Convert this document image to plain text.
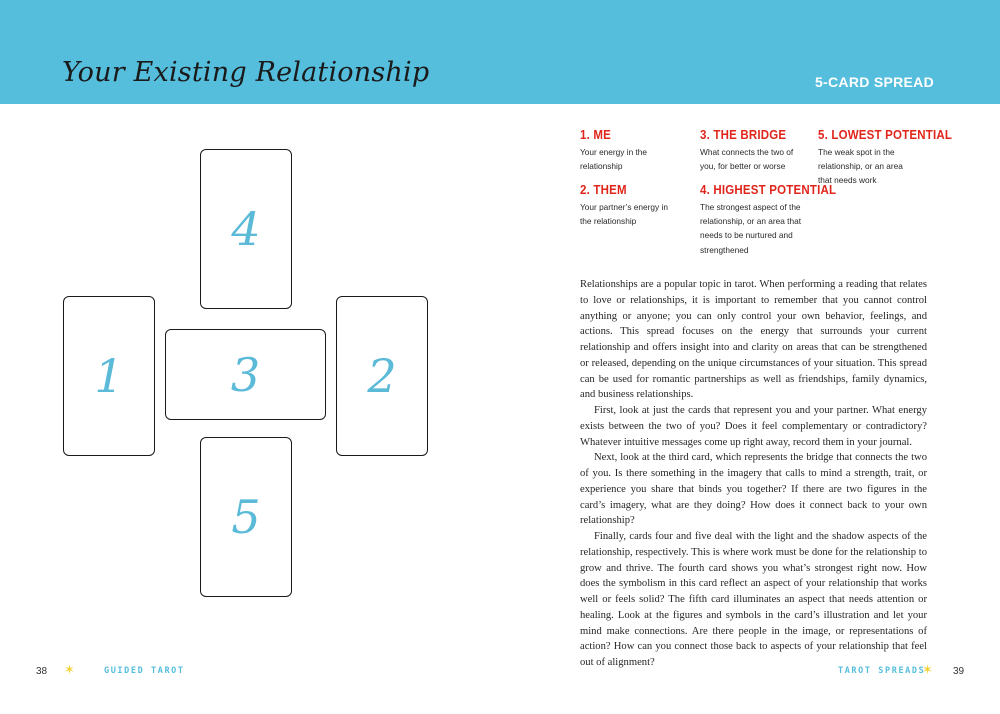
Your Existing Relationship	5-CARD SPREAD
4
1 3 2
5
1. ME
Your energy in the relationship
2. THEM
Your partner’s energy in the relationship
3. THE BRIDGE
What connects the two of you, for better or worse
4. HIGHEST POTENTIAL
The strongest aspect of the relationship, or an area that needs to be nurtured and strengthened
5. LOWEST POTENTIAL
The weak spot in the relationship, or an area that needs work

Relationships are a popular topic in tarot. When performing a reading that relates to love or relationships, it is important to remember that you cannot control anything or anyone; you can only control your own behavior, feelings, and actions. This spread focuses on the energy that surrounds your current relationship and offers insight into and clarity on areas that can be strengthened or released, depending on the unique circumstances of your situation. This spread can be used for romantic partnerships as well as friendships, family dynamics, and business relationships.

First, look at just the cards that represent you and your partner. What energy exists between the two of you? Does it feel complementary or contradictory? Whatever intuitive messages come up right away, record them in your journal.

Next, look at the third card, which represents the bridge that connects the two of you. Is there something in the imagery that calls to mind a strength, trait, or experience you share that binds you together? If there are two figures in the card’s imagery, what are they doing? How does it connect back to your own relationship?

Finally, cards four and five deal with the light and the shadow aspects of the relationship, respectively. This is where work must be done for the relationship to grow and thrive. The fourth card shows you what’s strongest right now. How does the symbolism in this card reflect an aspect of your relationship that works well or feels solid? The fifth card illuminates an aspect that needs attention or healing. Look at the figures and symbols in the card’s illustration and let your mind make connections. Are there people in the image, or representations of action? How can you connect those back to aspects of your relationship that feel out of alignment?

38 ✶	GUIDED TAROT	TAROT SPREADS
✶ 39
